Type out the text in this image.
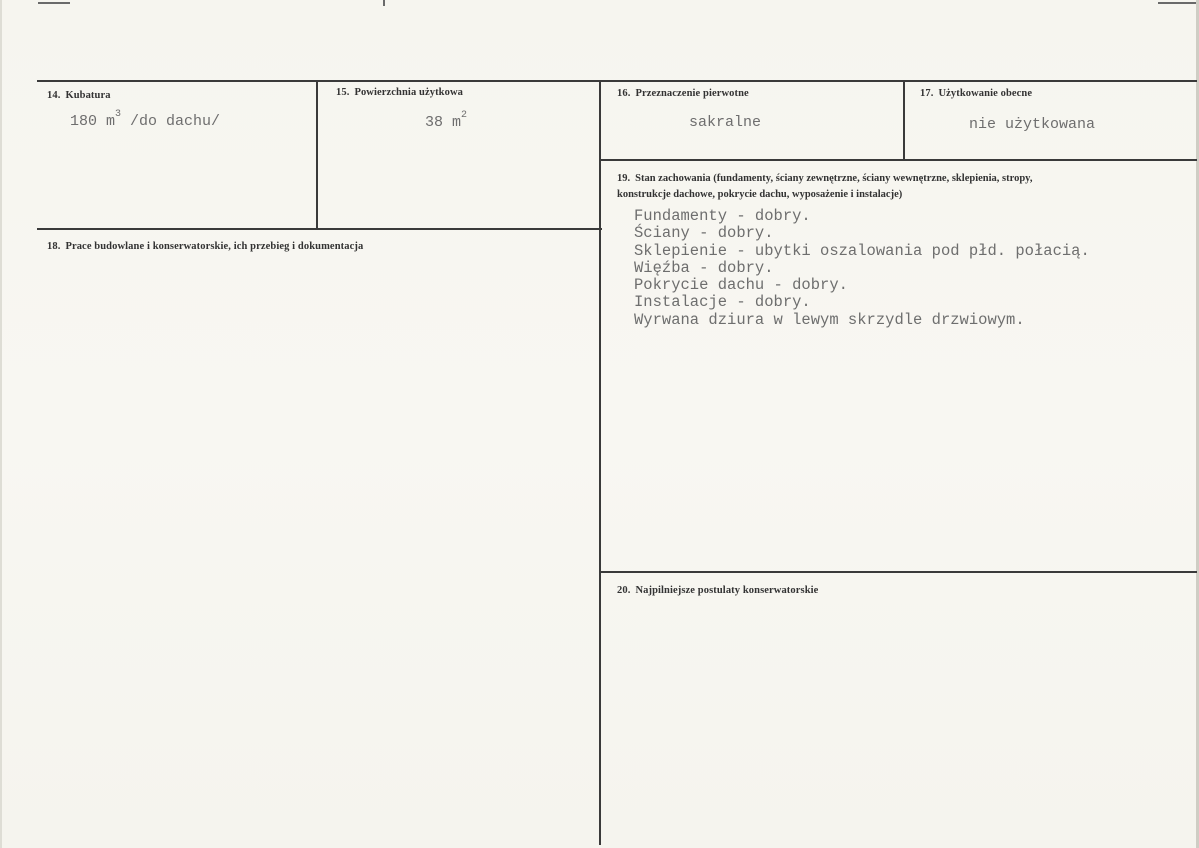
14. Kubatura
180 $m^3$ /do dachu/
15. Powierzchnia użytkowa
38 $m^2$
16. Przeznaczenie pierwotne
sakralne
17. Użytkowanie obecne
nie użytkowana
18. Prace budowlane i konserwatorskie, ich przebieg i dokumentacja
19. Stan zachowania (fundamenty, ściany zewnętrzne, ściany wewnętrzne, sklepienia, stropy,
konstrukcje dachowe, pokrycie dachu, wyposażenie i instalacje)
Fundamenty - dobry.
Ściany - dobry.
Sklepienie - ubytki oszalowania pod płd. połacią.
Więźba - dobry.
Pokrycie dachu - dobry.
Instalacje - dobry.
Wyrwana dziura w lewym skrzydle drzwiowym.
20. Najpilniejsze postulaty konserwatorskie
